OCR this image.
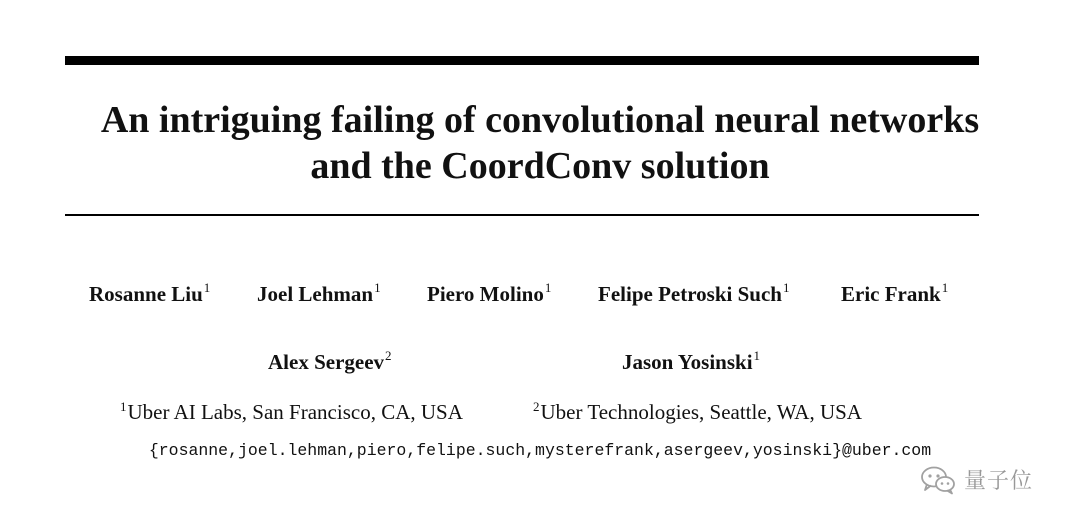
An intriguing failing of convolutional neural networks
and the CoordConv solution
Rosanne Liu$^1$ Joel Lehman$^1$ Piero Molino$^1$ Felipe Petroski Such$^1$ Eric Frank$^1$
Alex Sergeev$^2$	Jason Yosinski$^1$
$^1$Uber AI Labs, San Francisco, CA, USA	$^2$Uber Technologies, Seattle, WA, USA
{rosanne,joel.lehman,piero,felipe.such,mysterefrank,asergeev,yosinski}@uber.com
量子位
